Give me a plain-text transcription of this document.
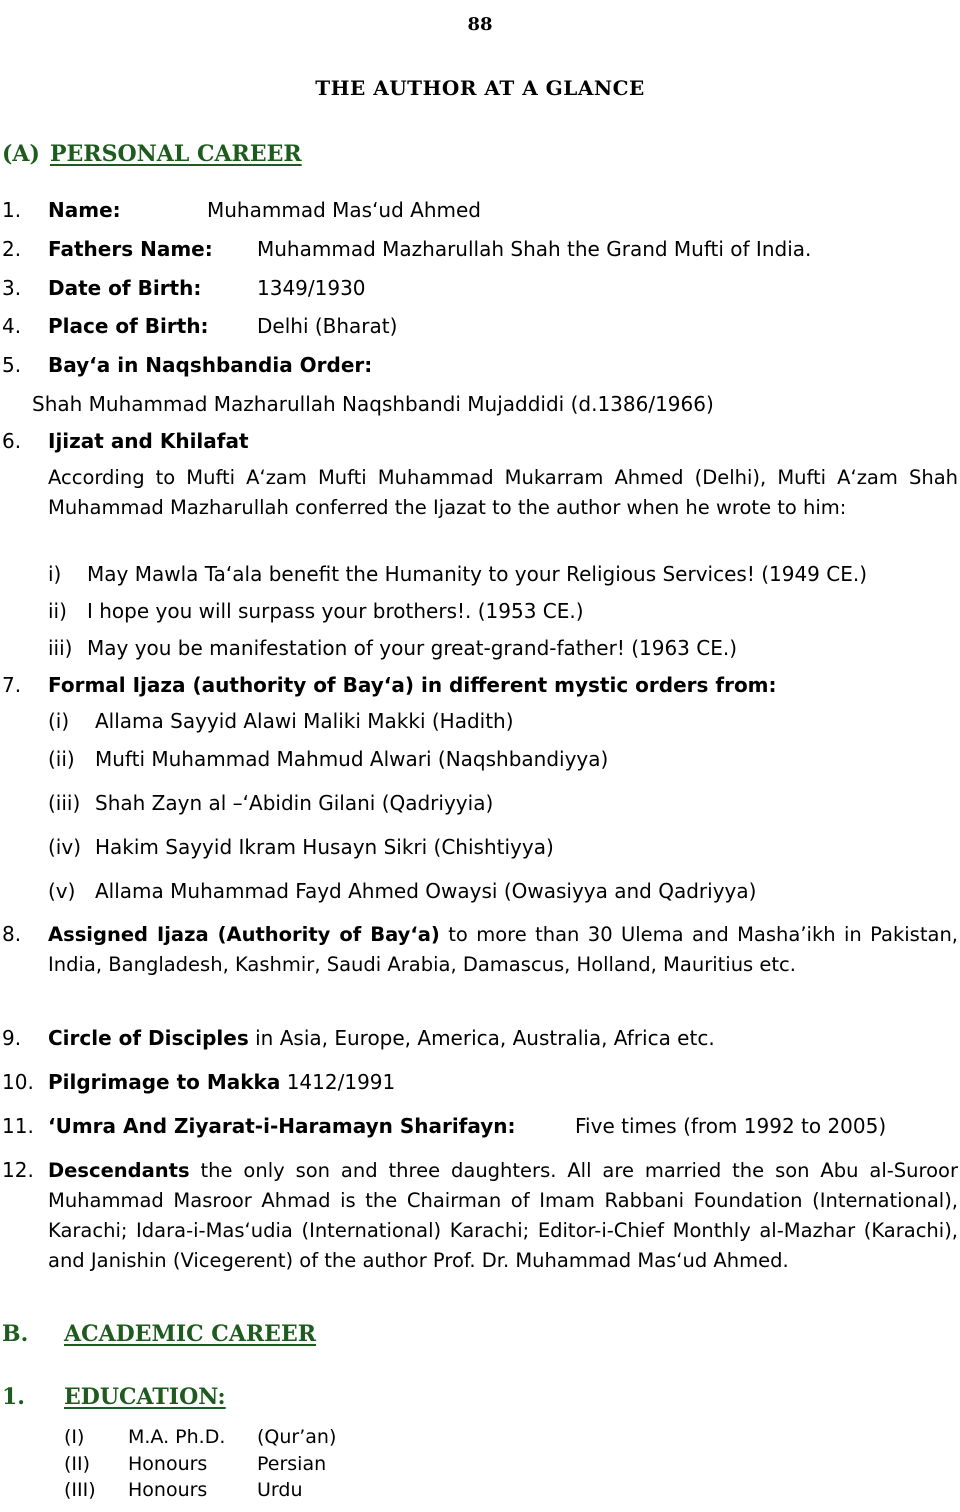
88
THE AUTHOR AT A GLANCE
(A) PERSONAL CAREER
1. Name:	Muhammad Mas‘ud Ahmed
2. Fathers Name: Muhammad Mazharullah Shah the Grand Mufti of India.
3. Date of Birth:	1349/1930
4. Place of Birth: Delhi (Bharat)
5. Bay‘a in Naqshbandia Order:
Shah Muhammad Mazharullah Naqshbandi Mujaddidi (d.1386/1966)
6. Ijizat and Khilafat
According to Mufti A‘zam Mufti Muhammad Mukarram Ahmed (Delhi), Mufti A‘zam Shah Muhammad Mazharullah conferred the Ijazat to the author when he wrote to him:
i) May Mawla Ta‘ala benefit the Humanity to your Religious Services! (1949 CE.)
ii) I hope you will surpass your brothers!. (1953 CE.)
iii) May you be manifestation of your great-grand-father! (1963 CE.)
7. Formal Ijaza (authority of Bay‘a) in different mystic orders from:
(i) Allama Sayyid Alawi Maliki Makki (Hadith)
(ii) Mufti Muhammad Mahmud Alwari (Naqshbandiyya)
(iii) Shah Zayn al –‘Abidin Gilani (Qadriyyia)
(iv) Hakim Sayyid Ikram Husayn Sikri (Chishtiyya)
(v) Allama Muhammad Fayd Ahmed Owaysi (Owasiyya and Qadriyya)
8. Assigned Ijaza (Authority of Bay‘a) to more than 30 Ulema and Masha’ikh in Pakistan, India, Bangladesh, Kashmir, Saudi Arabia, Damascus, Holland, Mauritius etc.
9. Circle of Disciples in Asia, Europe, America, Australia, Africa etc.
10. Pilgrimage to Makka 1412/1991
11. ‘Umra And Ziyarat-i-Haramayn Sharifayn:	Five times (from 1992 to 2005)
12. Descendants the only son and three daughters. All are married the son Abu al-Suroor Muhammad Masroor Ahmad is the Chairman of Imam Rabbani Foundation (International), Karachi; Idara-i-Mas‘udia (International) Karachi; Editor-i-Chief Monthly al-Mazhar (Karachi), and Janishin (Vicegerent) of the author Prof. Dr. Muhammad Mas‘ud Ahmed.
B. ACADEMIC CAREER
1. EDUCATION:
(I) M.A. Ph.D. (Qur’an)
(II) Honours	Persian
(III) Honours	Urdu
